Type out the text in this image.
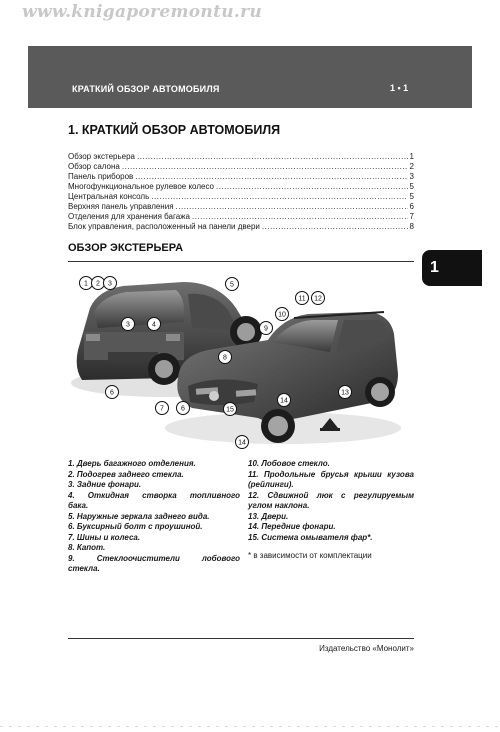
www.knigaporemontu.ru
КРАТКИЙ ОБЗОР АВТОМОБИЛЯ	1 • 1
1. КРАТКИЙ ОБЗОР АВТОМОБИЛЯ
Обзор экстерьера .....	1
Обзор салона .....	2
Панель приборов .....	3
Многофункциональное рулевое колесо .....	5
Центральная консоль .....	5
Верхняя панель управления .....	6
Отделения для хранения багажа .....	7
Блок управления, расположенный на панели двери .....	8
ОБЗОР ЭКСТЕРЬЕРА
1
1 2 3
3	4
5
6
7 6
8
9
10
11 12
13
14
15
14
1. Дверь багажного отделения.
2. Подогрев заднего стекла.
3. Задние фонари.
4. Откидная створка топливного
бака.
5. Наружные зеркала заднего вида.
6. Буксирный болт с проушиной.
7. Шины и колеса.
8. Капот.
9. Стеклоочистители лобового
стекла.
10. Лобовое стекло.
11. Продольные брусья крыши кузова
(рейлинги).
12. Сдвижной люк с регулируемым
углом наклона.
13. Двери.
14. Передние фонари.
15. Система омывателя фар*.
* в зависимости от комплектации
Издательство «Монолит»
